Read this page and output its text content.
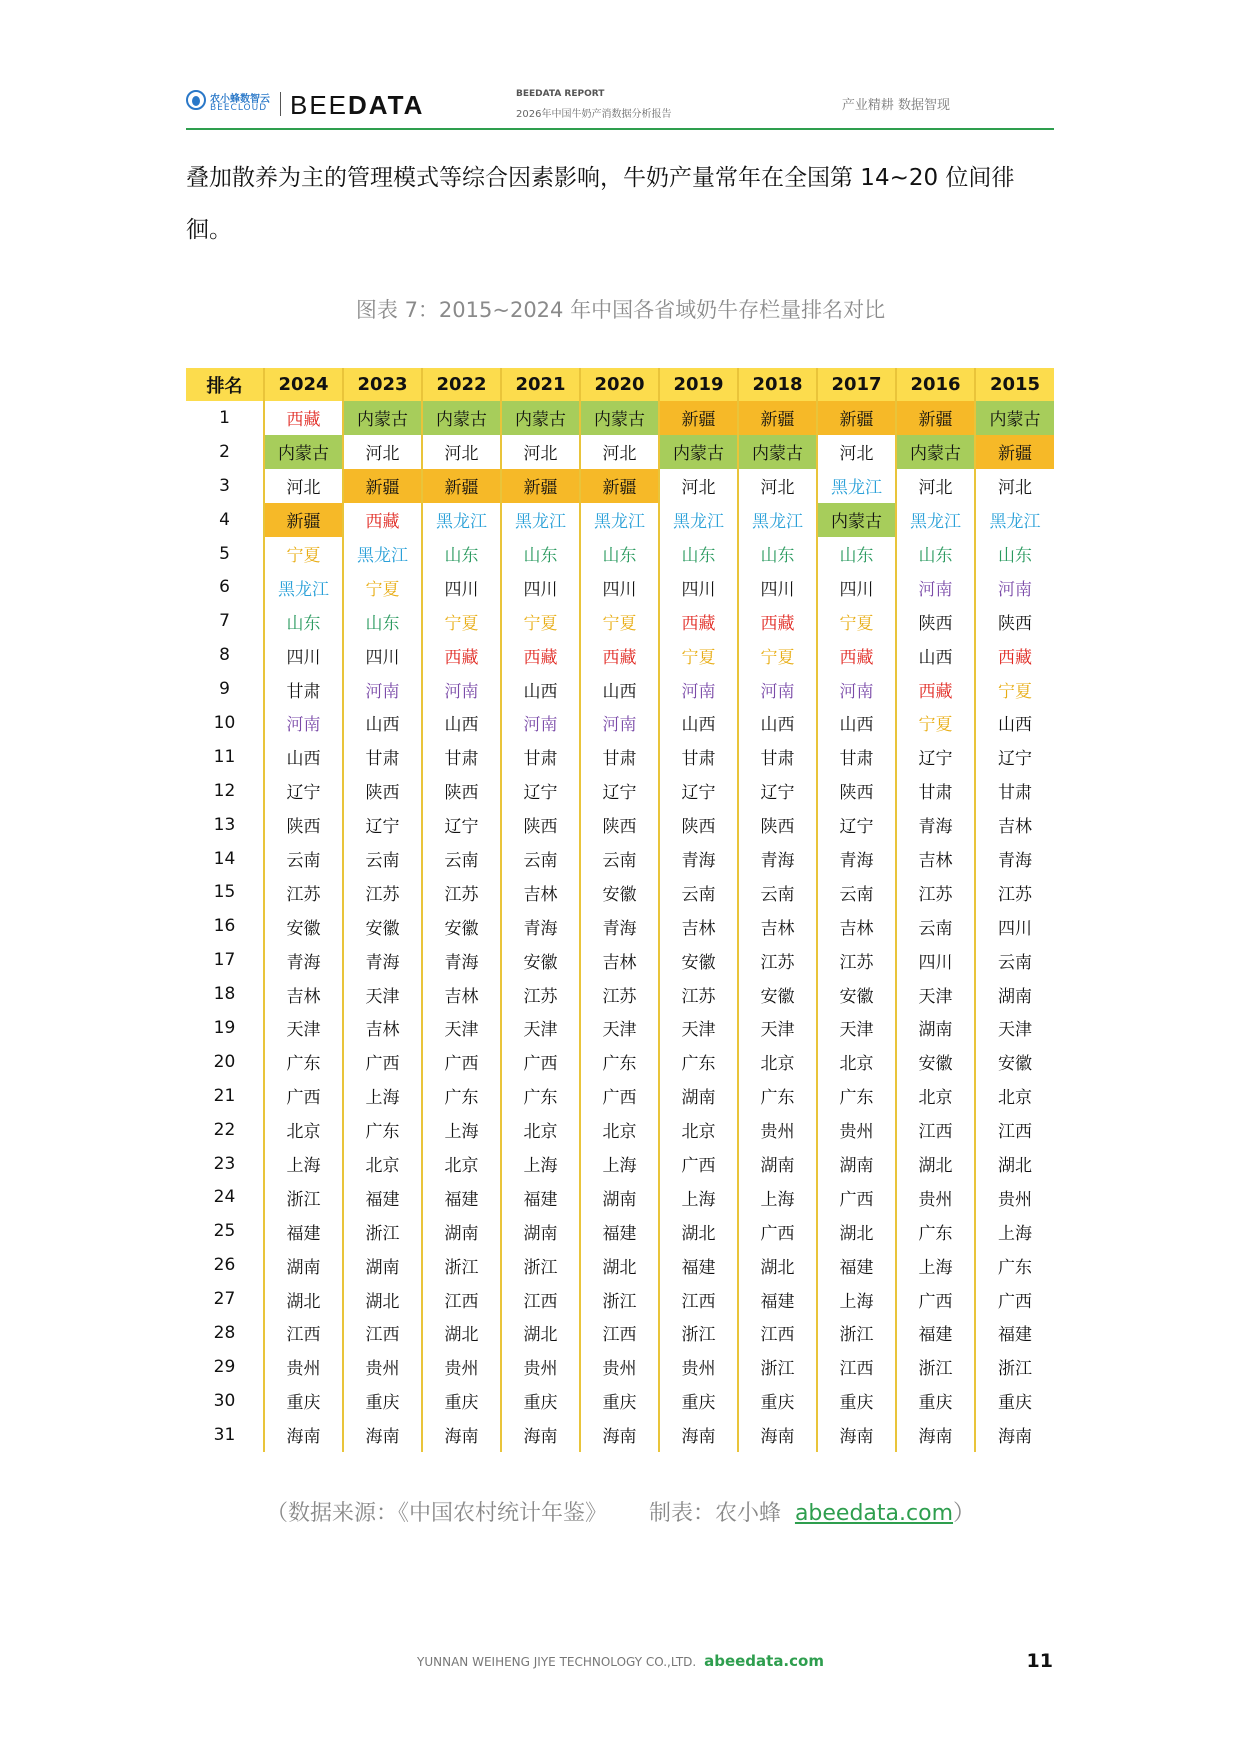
农小蜂数智云
BEECLOUD BEEDATA	BEEDATA REPORT
2026年中国牛奶产消数据分析报告
产业精耕 数据智现
叠加散养为主的管理模式等综合因素影响，牛奶产量常年在全国第 14~20 位间徘徊。
图表 7：2015~2024 年中国各省域奶牛存栏量排名对比
排名	2024	2023	2022	2021	2020	2019	2018	2017	2016	2015
1	西藏	内蒙古	内蒙古	内蒙古	内蒙古	新疆	新疆	新疆	新疆	内蒙古
2	内蒙古	河北	河北	河北	河北	内蒙古	内蒙古	河北	内蒙古	新疆
3	河北	新疆	新疆	新疆	新疆	河北	河北	黑龙江	河北	河北
4	新疆	西藏	黑龙江	黑龙江	黑龙江	黑龙江	黑龙江	内蒙古	黑龙江	黑龙江
5	宁夏	黑龙江	山东	山东	山东	山东	山东	山东	山东	山东
6	黑龙江	宁夏	四川	四川	四川	四川	四川	四川	河南	河南
7	山东	山东	宁夏	宁夏	宁夏	西藏	西藏	宁夏	陕西	陕西
8	四川	四川	西藏	西藏	西藏	宁夏	宁夏	西藏	山西	西藏
9	甘肃	河南	河南	山西	山西	河南	河南	河南	西藏	宁夏
10	河南	山西	山西	河南	河南	山西	山西	山西	宁夏	山西
11	山西	甘肃	甘肃	甘肃	甘肃	甘肃	甘肃	甘肃	辽宁	辽宁
12	辽宁	陕西	陕西	辽宁	辽宁	辽宁	辽宁	陕西	甘肃	甘肃
13	陕西	辽宁	辽宁	陕西	陕西	陕西	陕西	辽宁	青海	吉林
14	云南	云南	云南	云南	云南	青海	青海	青海	吉林	青海
15	江苏	江苏	江苏	吉林	安徽	云南	云南	云南	江苏	江苏
16	安徽	安徽	安徽	青海	青海	吉林	吉林	吉林	云南	四川
17	青海	青海	青海	安徽	吉林	安徽	江苏	江苏	四川	云南
18	吉林	天津	吉林	江苏	江苏	江苏	安徽	安徽	天津	湖南
19	天津	吉林	天津	天津	天津	天津	天津	天津	湖南	天津
20	广东	广西	广西	广西	广东	广东	北京	北京	安徽	安徽
21	广西	上海	广东	广东	广西	湖南	广东	广东	北京	北京
22	北京	广东	上海	北京	北京	北京	贵州	贵州	江西	江西
23	上海	北京	北京	上海	上海	广西	湖南	湖南	湖北	湖北
24	浙江	福建	福建	福建	湖南	上海	上海	广西	贵州	贵州
25	福建	浙江	湖南	湖南	福建	湖北	广西	湖北	广东	上海
26	湖南	湖南	浙江	浙江	湖北	福建	湖北	福建	上海	广东
27	湖北	湖北	江西	江西	浙江	江西	福建	上海	广西	广西
28	江西	江西	湖北	湖北	江西	浙江	江西	浙江	福建	福建
29	贵州	贵州	贵州	贵州	贵州	贵州	浙江	江西	浙江	浙江
30	重庆	重庆	重庆	重庆	重庆	重庆	重庆	重庆	重庆	重庆
31	海南	海南	海南	海南	海南	海南	海南	海南	海南	海南
（数据来源：《中国农村统计年鉴》 制表：农小蜂 abeedata.com）
YUNNAN WEIHENG JIYE TECHNOLOGY CO.,LTD. abeedata.com	11
